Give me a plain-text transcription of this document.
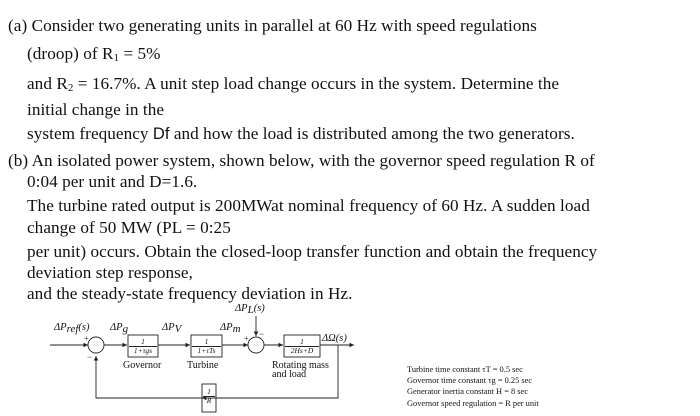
(a) Consider two generating units in parallel at 60 Hz with speed regulations
(droop) of $R_1 = 5\%$
and $R_2 = 16.7\%$. A unit step load change occurs in the system. Determine the
initial change in the
system frequency Df and how the load is distributed among the two generators.
(b) An isolated power system, shown below, with the governor speed regulation R of
0:04 per unit and D=1.6.
The turbine rated output is 200MWat nominal frequency of 60 Hz. A sudden load
change of 50 MW (PL = 0:25
per unit) occurs. Obtain the closed-loop transfer function and obtain the frequency
deviation step response,
and the steady-state frequency deviation in Hz.
$\Delta P_{ref}(s)$ $\Delta P_g$	$\Delta P_V$	$\Delta P_m$
$\Delta P_L(s)$
ΔΩ(s)
+
−
+ −
1
1+τgs
1
1+τTs	$\frac{1}{2Hs+D}$
$\frac{1}{R}$
Governor	Turbine	Rotating mass
and load	Turbine time constant τT = 0.5 sec
Governor time constant τg = 0.25 sec
Generator inertia constant H = 8 sec
Governor speed regulation = R per unit
